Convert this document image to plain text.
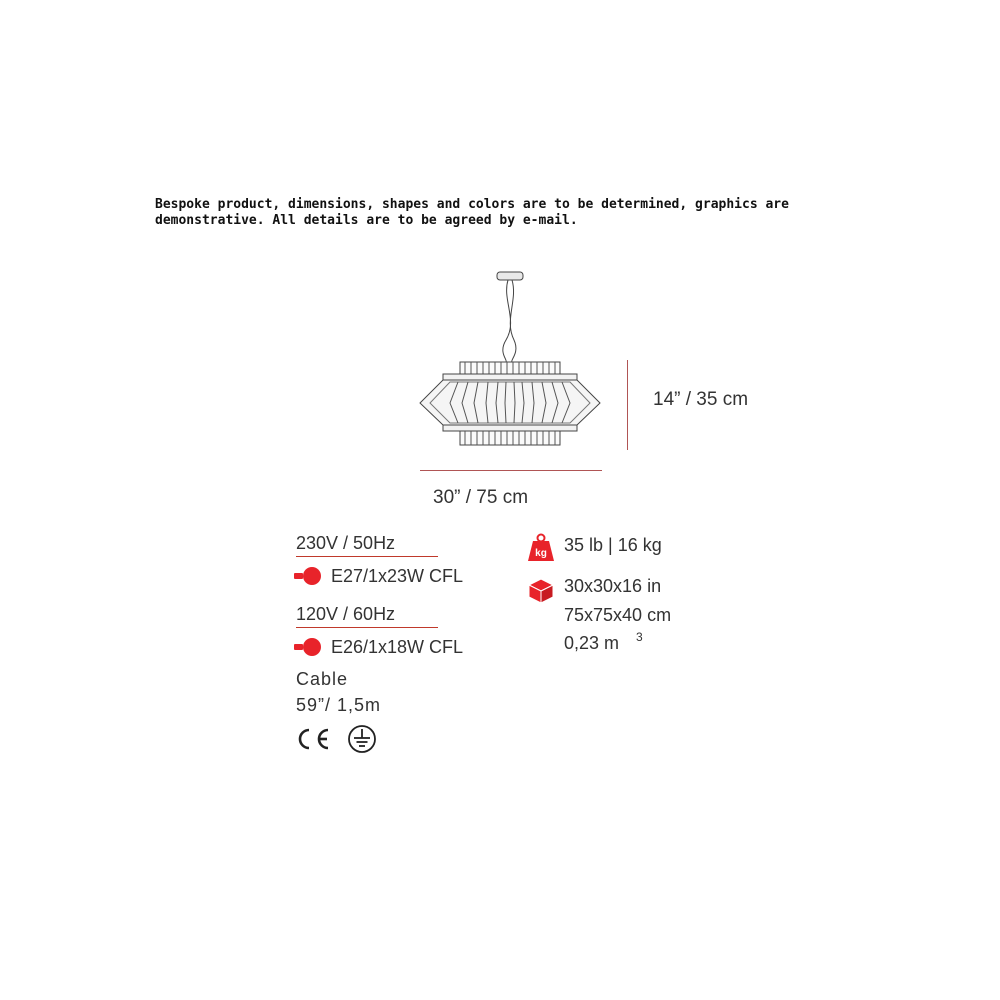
Bespoke product, dimensions, shapes and colors are to be determined, graphics are
demonstrative. All details are to be agreed by e-mail.
14” / 35 cm
30” / 75 cm
230V / 50Hz
E27/1x23W CFL
120V / 60Hz
E26/1x18W CFL
Cable
59”/ 1,5m
kg 35 lb | 16 kg
30x30x16 in
75x75x40 cm
0,23 m 3
